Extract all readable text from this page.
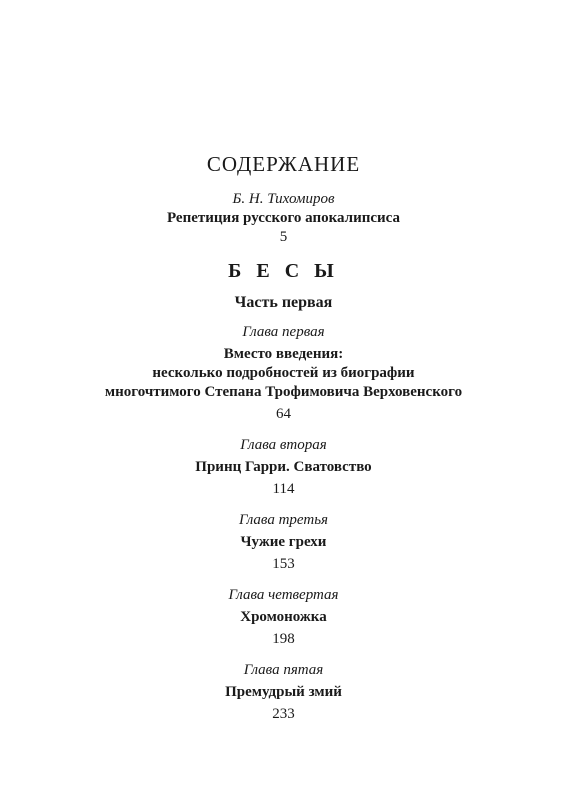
СОДЕРЖАНИЕ
Б. Н. Тихомиров
Репетиция русского апокалипсиса
5
Б Е С Ы
Часть первая
Глава первая
Вместо введения:
несколько подробностей из биографии
многочтимого Степана Трофимовича Верховенского
64
Глава вторая
Принц Гарри. Сватовство
114
Глава третья
Чужие грехи
153
Глава четвертая
Хромоножка
198
Глава пятая
Премудрый змий
233
